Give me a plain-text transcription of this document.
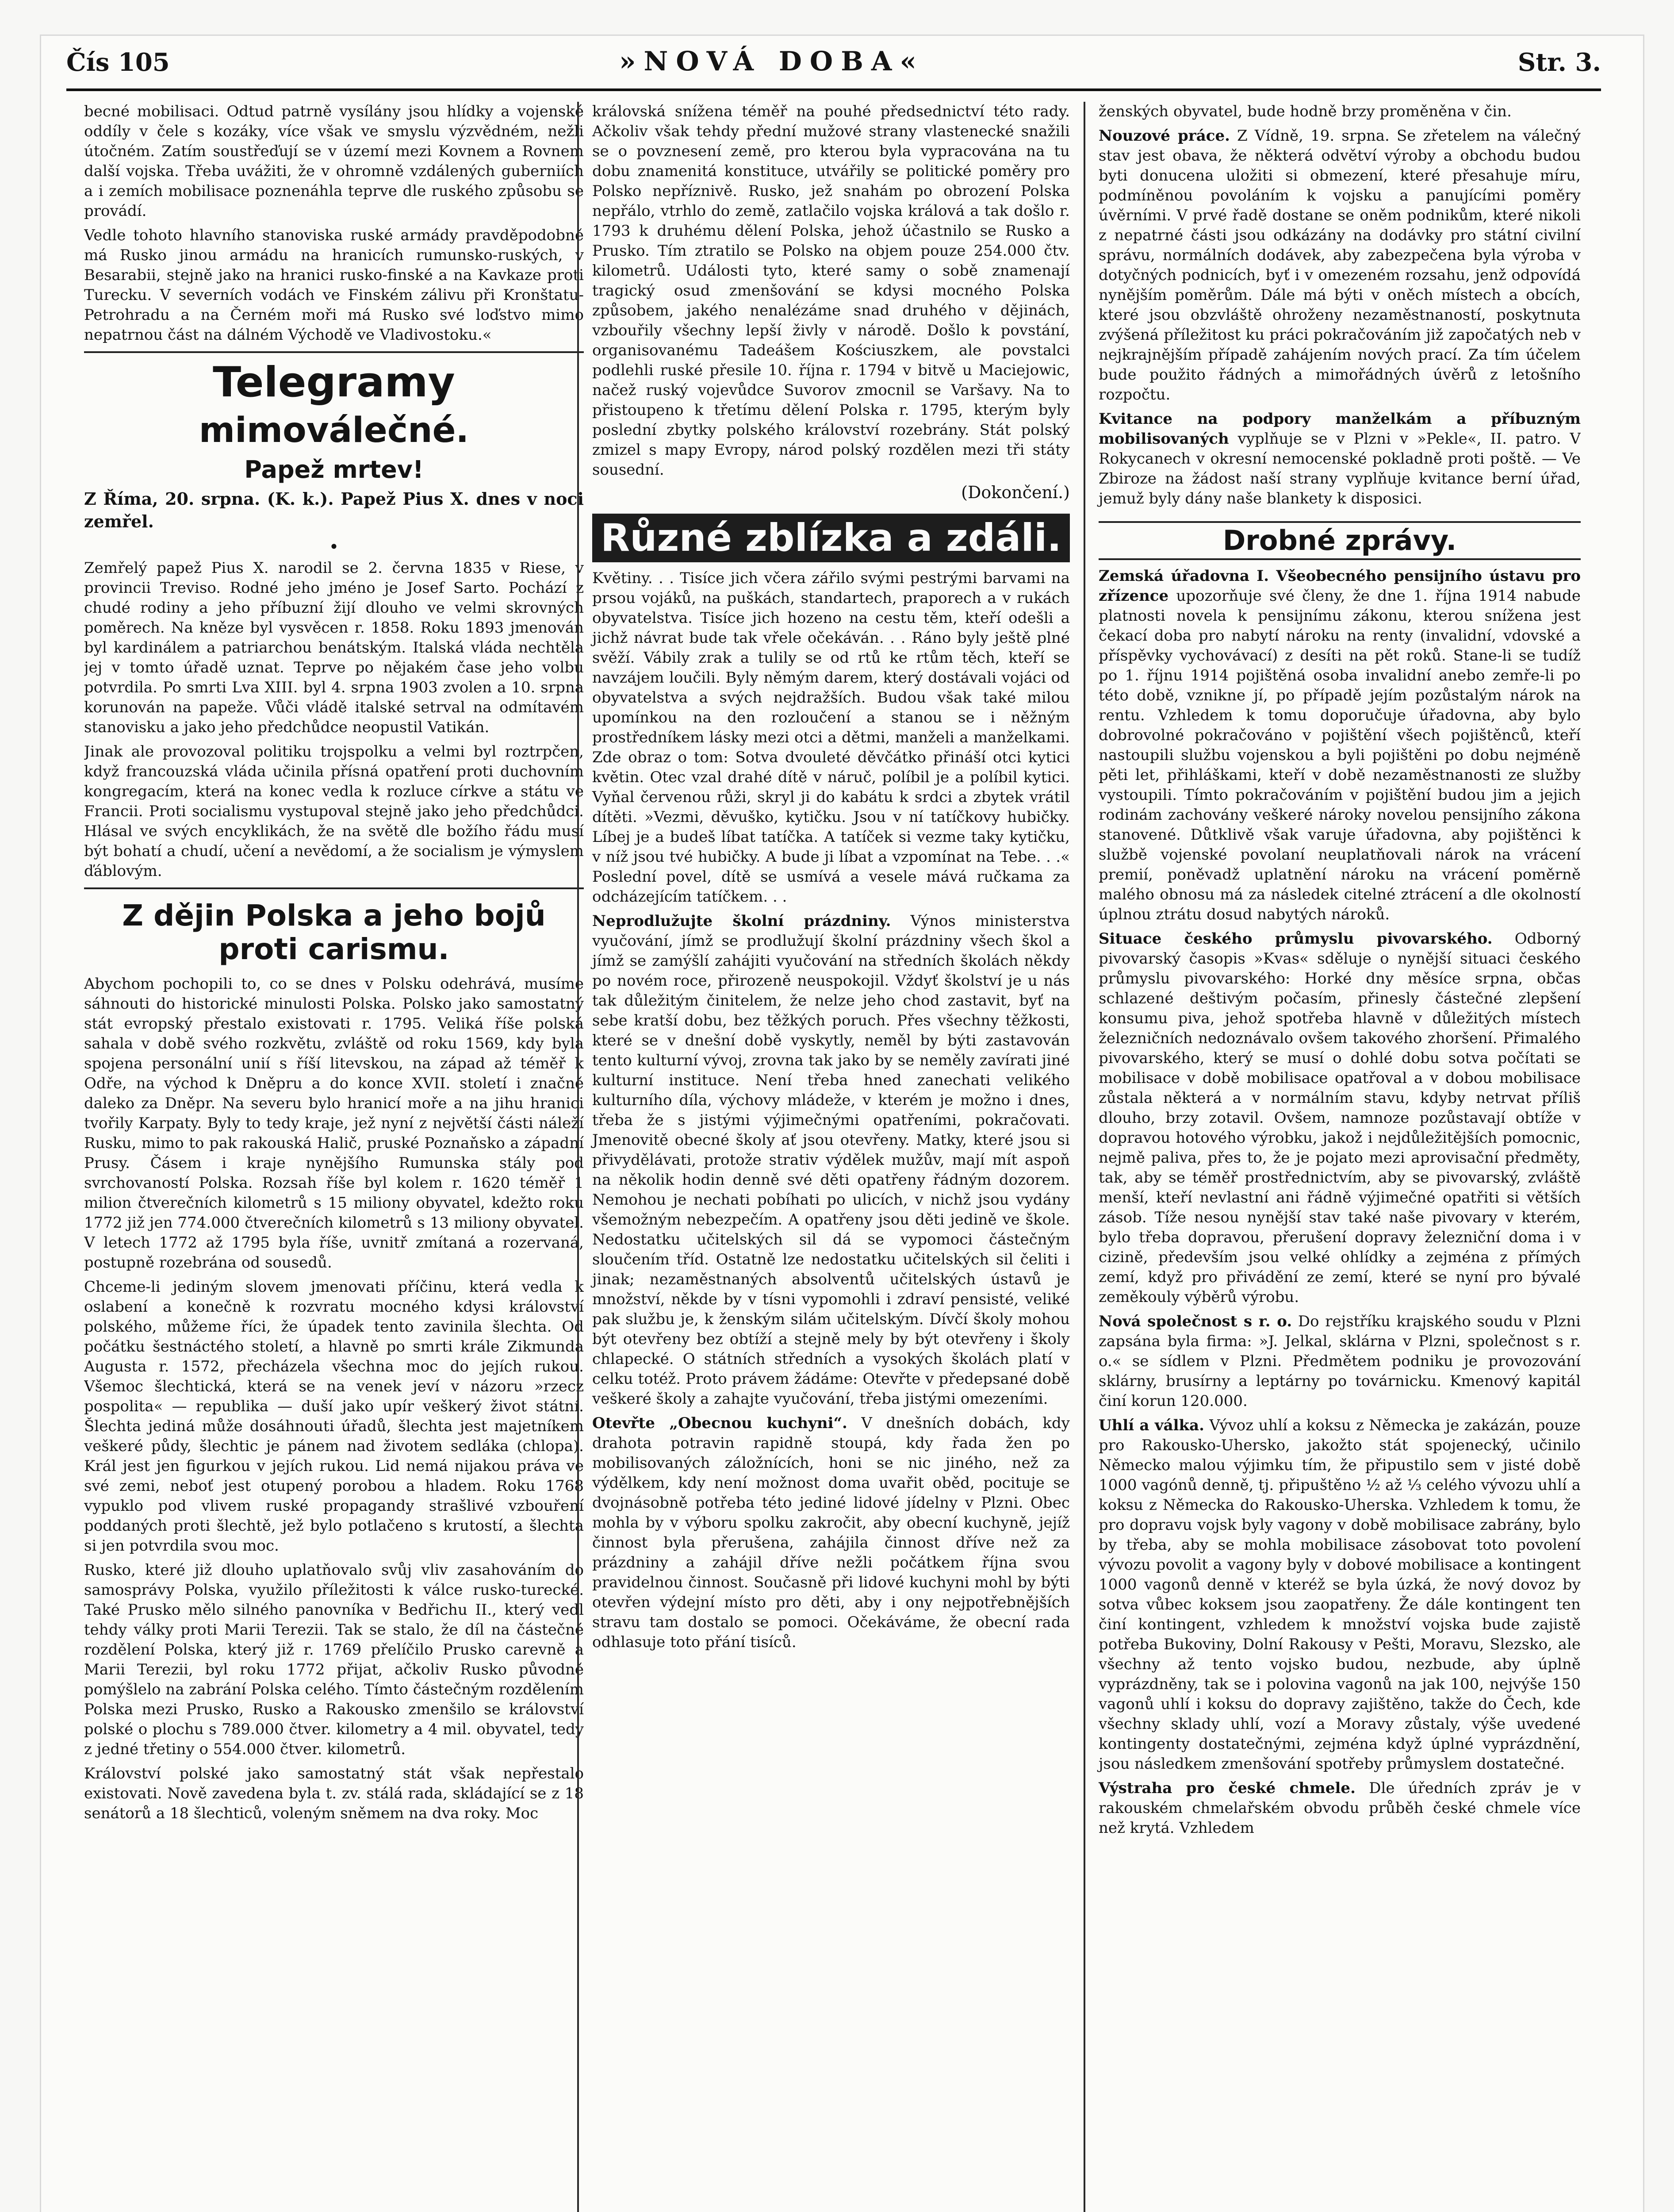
Čís 105	»NOVÁ DOBA«	Str. 3.

becné mobilisaci. Odtud patrně vysílány jsou hlídky a vojenské oddíly v čele s kozáky, více však ve smyslu výzvědném, nežli útočném. Zatím soustřeďují se v území mezi Kovnem a Rovnem další vojska. Třeba uvážiti, že v ohromně vzdálených guberniích a i zemích mobilisace poznenáhla teprve dle ruského způsobu se provádí.

Vedle tohoto hlavního stanoviska ruské armády pravděpodobně má Rusko jinou armádu na hranicích rumunsko-ruských, v Besarabii, stejně jako na hranici rusko-finské a na Kavkaze proti Turecku. V severních vodách ve Finském zálivu při Kronštatu-Petrohradu a na Černém moři má Rusko své loďstvo mimo nepatrnou část na dálném Východě ve Vladivostoku.«

Telegramy
mimoválečné.
Papež mrtev!

Z Říma, 20. srpna. (K. k.). Papež Pius X. dnes v noci zemřel.

•

Zemřelý papež Pius X. narodil se 2. června 1835 v Riese, v provincii Treviso. Rodné jeho jméno je Josef Sarto. Pochází z chudé rodiny a jeho příbuzní žijí dlouho ve velmi skrovných poměrech. Na kněze byl vysvěcen r. 1858. Roku 1893 jmenován byl kardinálem a patriarchou benátským. Italská vláda nechtěla jej v tomto úřadě uznat. Teprve po nějakém čase jeho volbu potvrdila. Po smrti Lva XIII. byl 4. srpna 1903 zvolen a 10. srpna korunován na papeže. Vůči vládě italské setrval na odmítavém stanovisku a jako jeho předchůdce neopustil Vatikán.

Jinak ale provozoval politiku trojspolku a velmi byl roztrpčen, když francouzská vláda učinila přísná opatření proti duchovním kongregacím, která na konec vedla k rozluce církve a státu ve Francii. Proti socialismu vystupoval stejně jako jeho předchůdci. Hlásal ve svých encyklikách, že na světě dle božího řádu musí být bohatí a chudí, učení a nevědomí, a že socialism je výmyslem ďáblovým.

Z dějin Polska a jeho bojů proti carismu.

Abychom pochopili to, co se dnes v Polsku odehrává, musíme sáhnouti do historické minulosti Polska. Polsko jako samostatný stát evropský přestalo existovati r. 1795. Veliká říše polská sahala v době svého rozkvětu, zvláště od roku 1569, kdy byla spojena personální unií s říší litevskou, na západ až téměř k Odře, na východ k Dněpru a do konce XVII. století i značně daleko za Dněpr. Na severu bylo hranicí moře a na jihu hranici tvořily Karpaty. Byly to tedy kraje, jež nyní z největší části náleží Rusku, mimo to pak rakouská Halič, pruské Poznaňsko a západní Prusy. Čásem i kraje nynějšího Rumunska stály pod svrchovaností Polska. Rozsah říše byl kolem r. 1620 téměř 1 milion čtverečních kilometrů s 15 miliony obyvatel, kdežto roku 1772 již jen 774.000 čtverečních kilometrů s 13 miliony obyvatel. V letech 1772 až 1795 byla říše, uvnitř zmítaná a rozervaná, postupně rozebrána od sousedů.

Chceme-li jediným slovem jmenovati příčinu, která vedla k oslabení a konečně k rozvratu mocného kdysi království polského, můžeme říci, že úpadek tento zavinila šlechta. Od počátku šestnáctého století, a hlavně po smrti krále Zikmunda Augusta r. 1572, přecházela všechna moc do jejích rukou. Všemoc šlechtická, která se na venek jeví v názoru »rzecz pospolita« — republika — duší jako upír veškerý život státní. Šlechta jediná může dosáhnouti úřadů, šlechta jest majetníkem veškeré půdy, šlechtic je pánem nad životem sedláka (chlopa). Král jest jen figurkou v jejích rukou. Lid nemá nijakou práva ve své zemi, neboť jest otupený porobou a hladem. Roku 1768 vypuklo pod vlivem ruské propagandy strašlivé vzbouření poddaných proti šlechtě, jež bylo potlačeno s krutostí, a šlechta si jen potvrdila svou moc.

Rusko, které již dlouho uplatňovalo svůj vliv zasahováním do samosprávy Polska, využilo příležitosti k válce rusko-turecké. Také Prusko mělo silného panovníka v Bedřichu II., který vedl tehdy války proti Marii Terezii. Tak se stalo, že díl na částečné rozdělení Polska, který již r. 1769 přelíčilo Prusko carevně a Marii Terezii, byl roku 1772 přijat, ačkoliv Rusko původně pomýšlelo na zabrání Polska celého. Tímto částečným rozdělením Polska mezi Prusko, Rusko a Rakousko zmenšilo se království polské o plochu s 789.000 čtver. kilometry a 4 mil. obyvatel, tedy z jedné třetiny o 554.000 čtver. kilometrů.

Království polské jako samostatný stát však nepřestalo existovati. Nově zavedena byla t. zv. stálá rada, skládající se z 18 senátorů a 18 šlechticů, voleným sněmem na dva roky. Moc

královská snížena téměř na pouhé předsednictví této rady. Ačkoliv však tehdy přední mužové strany vlastenecké snažili se o povznesení země, pro kterou byla vypracována na tu dobu znamenitá konstituce, utvářily se politické poměry pro Polsko nepříznivě. Rusko, jež snahám po obrození Polska nepřálo, vtrhlo do země, zatlačilo vojska králová a tak došlo r. 1793 k druhému dělení Polska, jehož účastnilo se Rusko a Prusko. Tím ztratilo se Polsko na objem pouze 254.000 čtv. kilometrů. Události tyto, které samy o sobě znamenají tragický osud zmenšování se kdysi mocného Polska způsobem, jakého nenalézáme snad druhého v dějinách, vzbouřily všechny lepší živly v národě. Došlo k povstání, organisovanému Tadeášem Kościuszkem, ale povstalci podlehli ruské přesile 10. října r. 1794 v bitvě u Maciejowic, načež ruský vojevůdce Suvorov zmocnil se Varšavy. Na to přistoupeno k třetímu dělení Polska r. 1795, kterým byly poslední zbytky polského království rozebrány. Stát polský zmizel s mapy Evropy, národ polský rozdělen mezi tři státy sousední.

(Dokončení.)
Různé zblízka a zdáli.

Květiny. . . Tisíce jich včera zářilo svými pestrými barvami na prsou vojáků, na puškách, standartech, praporech a v rukách obyvatelstva. Tisíce jich hozeno na cestu těm, kteří odešli a jichž návrat bude tak vřele očekáván. . . Ráno byly ještě plné svěží. Vábily zrak a tulily se od rtů ke rtům těch, kteří se navzájem loučili. Byly němým darem, který dostávali vojáci od obyvatelstva a svých nejdražších. Budou však také milou upomínkou na den rozloučení a stanou se i něžným prostředníkem lásky mezi otci a dětmi, manželi a manželkami. Zde obraz o tom: Sotva dvouleté děvčátko přináší otci kytici květin. Otec vzal drahé dítě v náruč, políbil je a políbil kytici. Vyňal červenou růži, skryl ji do kabátu k srdci a zbytek vrátil dítěti. »Vezmi, děvuško, kytičku. Jsou v ní tatíčkovy hubičky. Líbej je a budeš líbat tatíčka. A tatíček si vezme taky kytičku, v níž jsou tvé hubičky. A bude ji líbat a vzpomínat na Tebe. . .« Poslední povel, dítě se usmívá a vesele mává ručkama za odcházejícím tatíčkem. . .

Neprodlužujte školní prázdniny. Výnos ministerstva vyučování, jímž se prodlužují školní prázdniny všech škol a jímž se zamýšlí zahájiti vyučování na středních školách někdy po novém roce, přirozeně neuspokojil. Vždyť školství je u nás tak důležitým činitelem, že nelze jeho chod zastavit, byť na sebe kratší dobu, bez těžkých poruch. Přes všechny těžkosti, které se v dnešní době vyskytly, neměl by býti zastavován tento kulturní vývoj, zrovna tak jako by se neměly zavírati jiné kulturní instituce. Není třeba hned zanechati velikého kulturního díla, výchovy mládeže, v kterém je možno i dnes, třeba že s jistými výjimečnými opatřeními, pokračovati. Jmenovitě obecné školy ať jsou otevřeny. Matky, které jsou si přivydělávati, protože strativ výdělek mužův, mají mít aspoň na několik hodin denně své děti opatřeny řádným dozorem. Nemohou je nechati pobíhati po ulicích, v nichž jsou vydány všemožným nebezpečím. A opatřeny jsou děti jedině ve škole. Nedostatku učitelských sil dá se vypomoci částečným sloučením tříd. Ostatně lze nedostatku učitelských sil čeliti i jinak; nezaměstnaných absolventů učitelských ústavů je množství, někde by v tísni vypomohli i zdraví pensisté, veliké pak službu je, k ženským silám učitelským. Dívčí školy mohou být otevřeny bez obtíží a stejně mely by být otevřeny i školy chlapecké. O státních středních a vysokých školách platí v celku totéž. Proto právem žádáme: Otevřte v předepsané době veškeré školy a zahajte vyučování, třeba jistými omezeními.

Otevřte „Obecnou kuchyni“. V dnešních dobách, kdy drahota potravin rapidně stoupá, kdy řada žen po mobilisovaných záložnících, honi se nic jiného, než za výdělkem, kdy není možnost doma uvařit oběd, pocituje se dvojnásobně potřeba této jediné lidové jídelny v Plzni. Obec mohla by v výboru spolku zakročit, aby obecní kuchyně, jejíž činnost byla přerušena, zahájila činnost dříve než za prázdniny a zahájil dříve nežli počátkem října svou pravidelnou činnost. Současně při lidové kuchyni mohl by býti otevřen výdejní místo pro děti, aby i ony nejpotřebnějších stravu tam dostalo se pomoci. Očekáváme, že obecní rada odhlasuje toto přání tisíců.

ženských obyvatel, bude hodně brzy proměněna v čin.

Nouzové práce. Z Vídně, 19. srpna. Se zřetelem na válečný stav jest obava, že některá odvětví výroby a obchodu budou byti donucena uložiti si obmezení, které přesahuje míru, podmíněnou povoláním k vojsku a panujícími poměry úvěrními. V prvé řadě dostane se oněm podnikům, které nikoli z nepatrné části jsou odkázány na dodávky pro státní civilní správu, normálních dodávek, aby zabezpečena byla výroba v dotyčných podnicích, byť i v omezeném rozsahu, jenž odpovídá nynějším poměrům. Dále má býti v oněch místech a obcích, které jsou obzvláště ohroženy nezaměstnaností, poskytnuta zvýšená příležitost ku práci pokračováním již započatých neb v nejkrajnějším případě zahájením nových prací. Za tím účelem bude použito řádných a mimořádných úvěrů z letošního rozpočtu.

Kvitance na podpory manželkám a příbuzným mobilisovaných vyplňuje se v Plzni v »Pekle«, II. patro. V Rokycanech v okresní nemocenské pokladně proti poště. — Ve Zbiroze na žádost naší strany vyplňuje kvitance berní úřad, jemuž byly dány naše blankety k disposici.

Drobné zprávy.

Zemská úřadovna I. Všeobecného pensijního ústavu pro zřízence upozorňuje své členy, že dne 1. října 1914 nabude platnosti novela k pensijnímu zákonu, kterou snížena jest čekací doba pro nabytí nároku na renty (invalidní, vdovské a příspěvky vychovávací) z desíti na pět roků. Stane-li se tudíž po 1. říjnu 1914 pojištěná osoba invalidní anebo zemře-li po této době, vznikne jí, po případě jejím pozůstalým nárok na rentu. Vzhledem k tomu doporučuje úřadovna, aby bylo dobrovolné pokračováno v pojištění všech pojištěnců, kteří nastoupili službu vojenskou a byli pojištěni po dobu nejméně pěti let, přihláškami, kteří v době nezaměstnanosti ze služby vystoupili. Tímto pokračováním v pojištění budou jim a jejich rodinám zachovány veškeré nároky novelou pensijního zákona stanovené. Důtklivě však varuje úřadovna, aby pojištěnci k službě vojenské povolaní neuplatňovali nárok na vrácení premií, poněvadž uplatnění nároku na vrácení poměrně malého obnosu má za následek citelné ztrácení a dle okolností úplnou ztrátu dosud nabytých nároků.

Situace českého průmyslu pivovarského. Odborný pivovarský časopis »Kvas« sděluje o nynější situaci českého průmyslu pivovarského: Horké dny měsíce srpna, občas schlazené deštivým počasím, přinesly částečné zlepšení konsumu piva, jehož spotřeba hlavně v důležitých místech železničních nedoznávalo ovšem takového zhoršení. Přimalého pivovarského, který se musí o dohlé dobu sotva počítati se mobilisace v době mobilisace opatřoval a v dobou mobilisace zůstala některá a v normálním stavu, kdyby netrvat příliš dlouho, brzy zotavil. Ovšem, namnoze pozůstavají obtíže v dopravou hotového výrobku, jakož i nejdůležitějších pomocnic, nejmě paliva, přes to, že je pojato mezi aprovisační předměty, tak, aby se téměř prostřednictvím, aby se pivovarský, zvláště menší, kteří nevlastní ani řádně výjimečné opatřiti si větších zásob. Tíže nesou nynější stav také naše pivovary v kterém, bylo třeba dopravou, přerušení dopravy železniční doma i v cizině, především jsou velké ohlídky a zejména z přímých zemí, když pro přivádění ze zemí, které se nyní pro bývalé zeměkouly výběrů výrobu.

Nová společnost s r. o. Do rejstříku krajského soudu v Plzni zapsána byla firma: »J. Jelkal, sklárna v Plzni, společnost s r. o.« se sídlem v Plzni. Předmětem podniku je provozování sklárny, brusírny a leptárny po továrnicku. Kmenový kapitál činí korun 120.000.

Uhlí a válka. Vývoz uhlí a koksu z Německa je zakázán, pouze pro Rakousko-Uhersko, jakožto stát spojenecký, učinilo Německo malou výjimku tím, že připustilo sem v jisté době 1000 vagónů denně, tj. připuštěno ½ až ⅓ celého vývozu uhlí a koksu z Německa do Rakousko-Uherska. Vzhledem k tomu, že pro dopravu vojsk byly vagony v době mobilisace zabrány, bylo by třeba, aby se mohla mobilisace zásobovat toto povolení vývozu povolit a vagony byly v dobové mobilisace a kontingent 1000 vagonů denně v kteréž se byla úzká, že nový dovoz by sotva vůbec koksem jsou zaopatřeny. Že dále kontingent ten činí kontingent, vzhledem k množství vojska bude zajistě potřeba Bukoviny, Dolní Rakousy v Pešti, Moravu, Slezsko, ale všechny až tento vojsko budou, nezbude, aby úplně vyprázdněny, tak se i polovina vagonů na jak 100, nejvýše 150 vagonů uhlí i koksu do dopravy zajištěno, takže do Čech, kde všechny sklady uhlí, vozí a Moravy zůstaly, výše uvedené kontingenty dostatečnými, zejména když úplné vyprázdnění, jsou následkem zmenšování spotřeby průmyslem dostatečné.

Výstraha pro české chmele. Dle úředních zpráv je v rakouském chmelařském obvodu průběh české chmele více než krytá. Vzhledem
